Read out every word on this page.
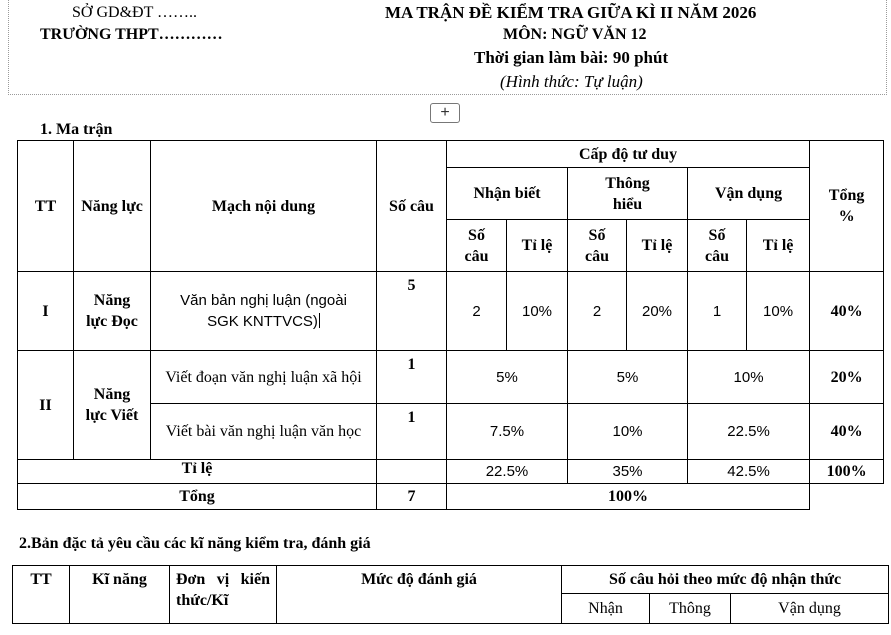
SỞ GD&ĐT ……..
TRƯỜNG THPT…………
MA TRẬN ĐỀ KIỂM TRA GIỮA KÌ II NĂM 2026
MÔN: NGỮ VĂN 12
Thời gian làm bài: 90 phút
(Hình thức: Tự luận)
+
1. Ma trận
TT	Năng lực	Mạch nội dung	Số câu	Cấp độ tư duy						Tổng %
				Nhận biết		Thông hiểu		Vận dụng		
				Số câu	Tỉ lệ	Số câu	Tỉ lệ	Số câu	Tỉ lệ	
I	Năng lực Đọc	Văn bản nghị luận (ngoài SGK KNTTVCS)	5	2	10%	2	20%	1	10%	40%
II	Năng lực Viết	Viết đoạn văn nghị luận xã hội	1	5%		5%		10%		20%
		Viết bài văn nghị luận văn học	1	7.5%		10%		22.5%		40%
Tỉ lệ				22.5%		35%		42.5%		100%
Tổng			7	100%						
2.Bản đặc tả yêu cầu các kĩ năng kiểm tra, đánh giá
TT	Kĩ năng	Đơn vị kiến thức/Kĩ	Mức độ đánh giá	Số câu hỏi theo mức độ nhận thức		
				Nhận	Thông	Vận dụng
